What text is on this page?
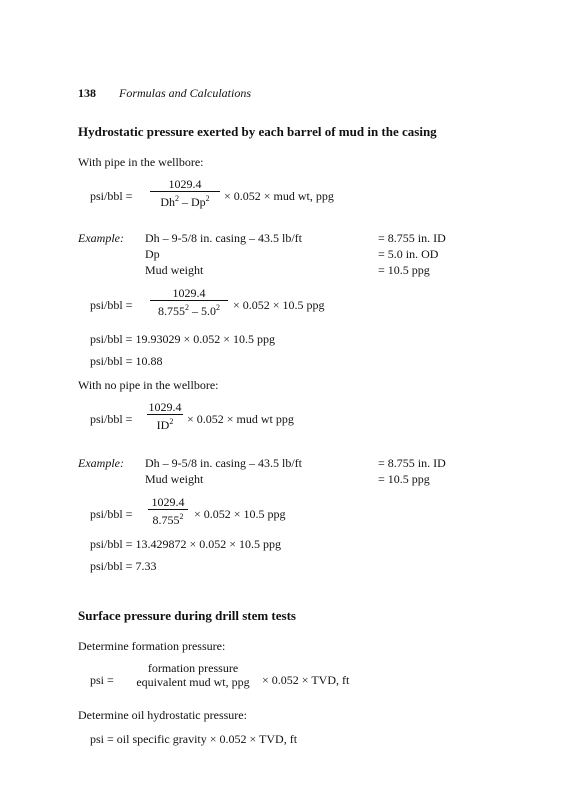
138 Formulas and Calculations
Hydrostatic pressure exerted by each barrel of mud in the casing
With pipe in the wellbore:
psi/bbl =
1029.4
$Dh^2 - Dp^2$	× 0.052 × mud wt, ppg
Example: Dh – 9-5/8 in. casing – 43.5 lb/ft	= 8.755 in. ID
Dp	= 5.0 in. OD
Mud weight	= 10.5 ppg
psi/bbl =
1029.4
$8.755^2 - 5.0^2$	× 0.052 × 10.5 ppg
psi/bbl = 19.93029 × 0.052 × 10.5 ppg
psi/bbl = 10.88
With no pipe in the wellbore:
psi/bbl =
1029.4
$ID^2$	× 0.052 × mud wt ppg
Example: Dh – 9-5/8 in. casing – 43.5 lb/ft	= 8.755 in. ID
Mud weight	= 10.5 ppg
psi/bbl =
1029.4
$8.755^2 \times 0.052 \times 10.5$ ppg
psi/bbl = 13.429872 × 0.052 × 10.5 ppg
psi/bbl = 7.33
Surface pressure during drill stem tests
Determine formation pressure:
psi =
formation pressure
equivalent mud wt, ppg	× 0.052 × TVD, ft
Determine oil hydrostatic pressure:
psi = oil specific gravity × 0.052 × TVD, ft
